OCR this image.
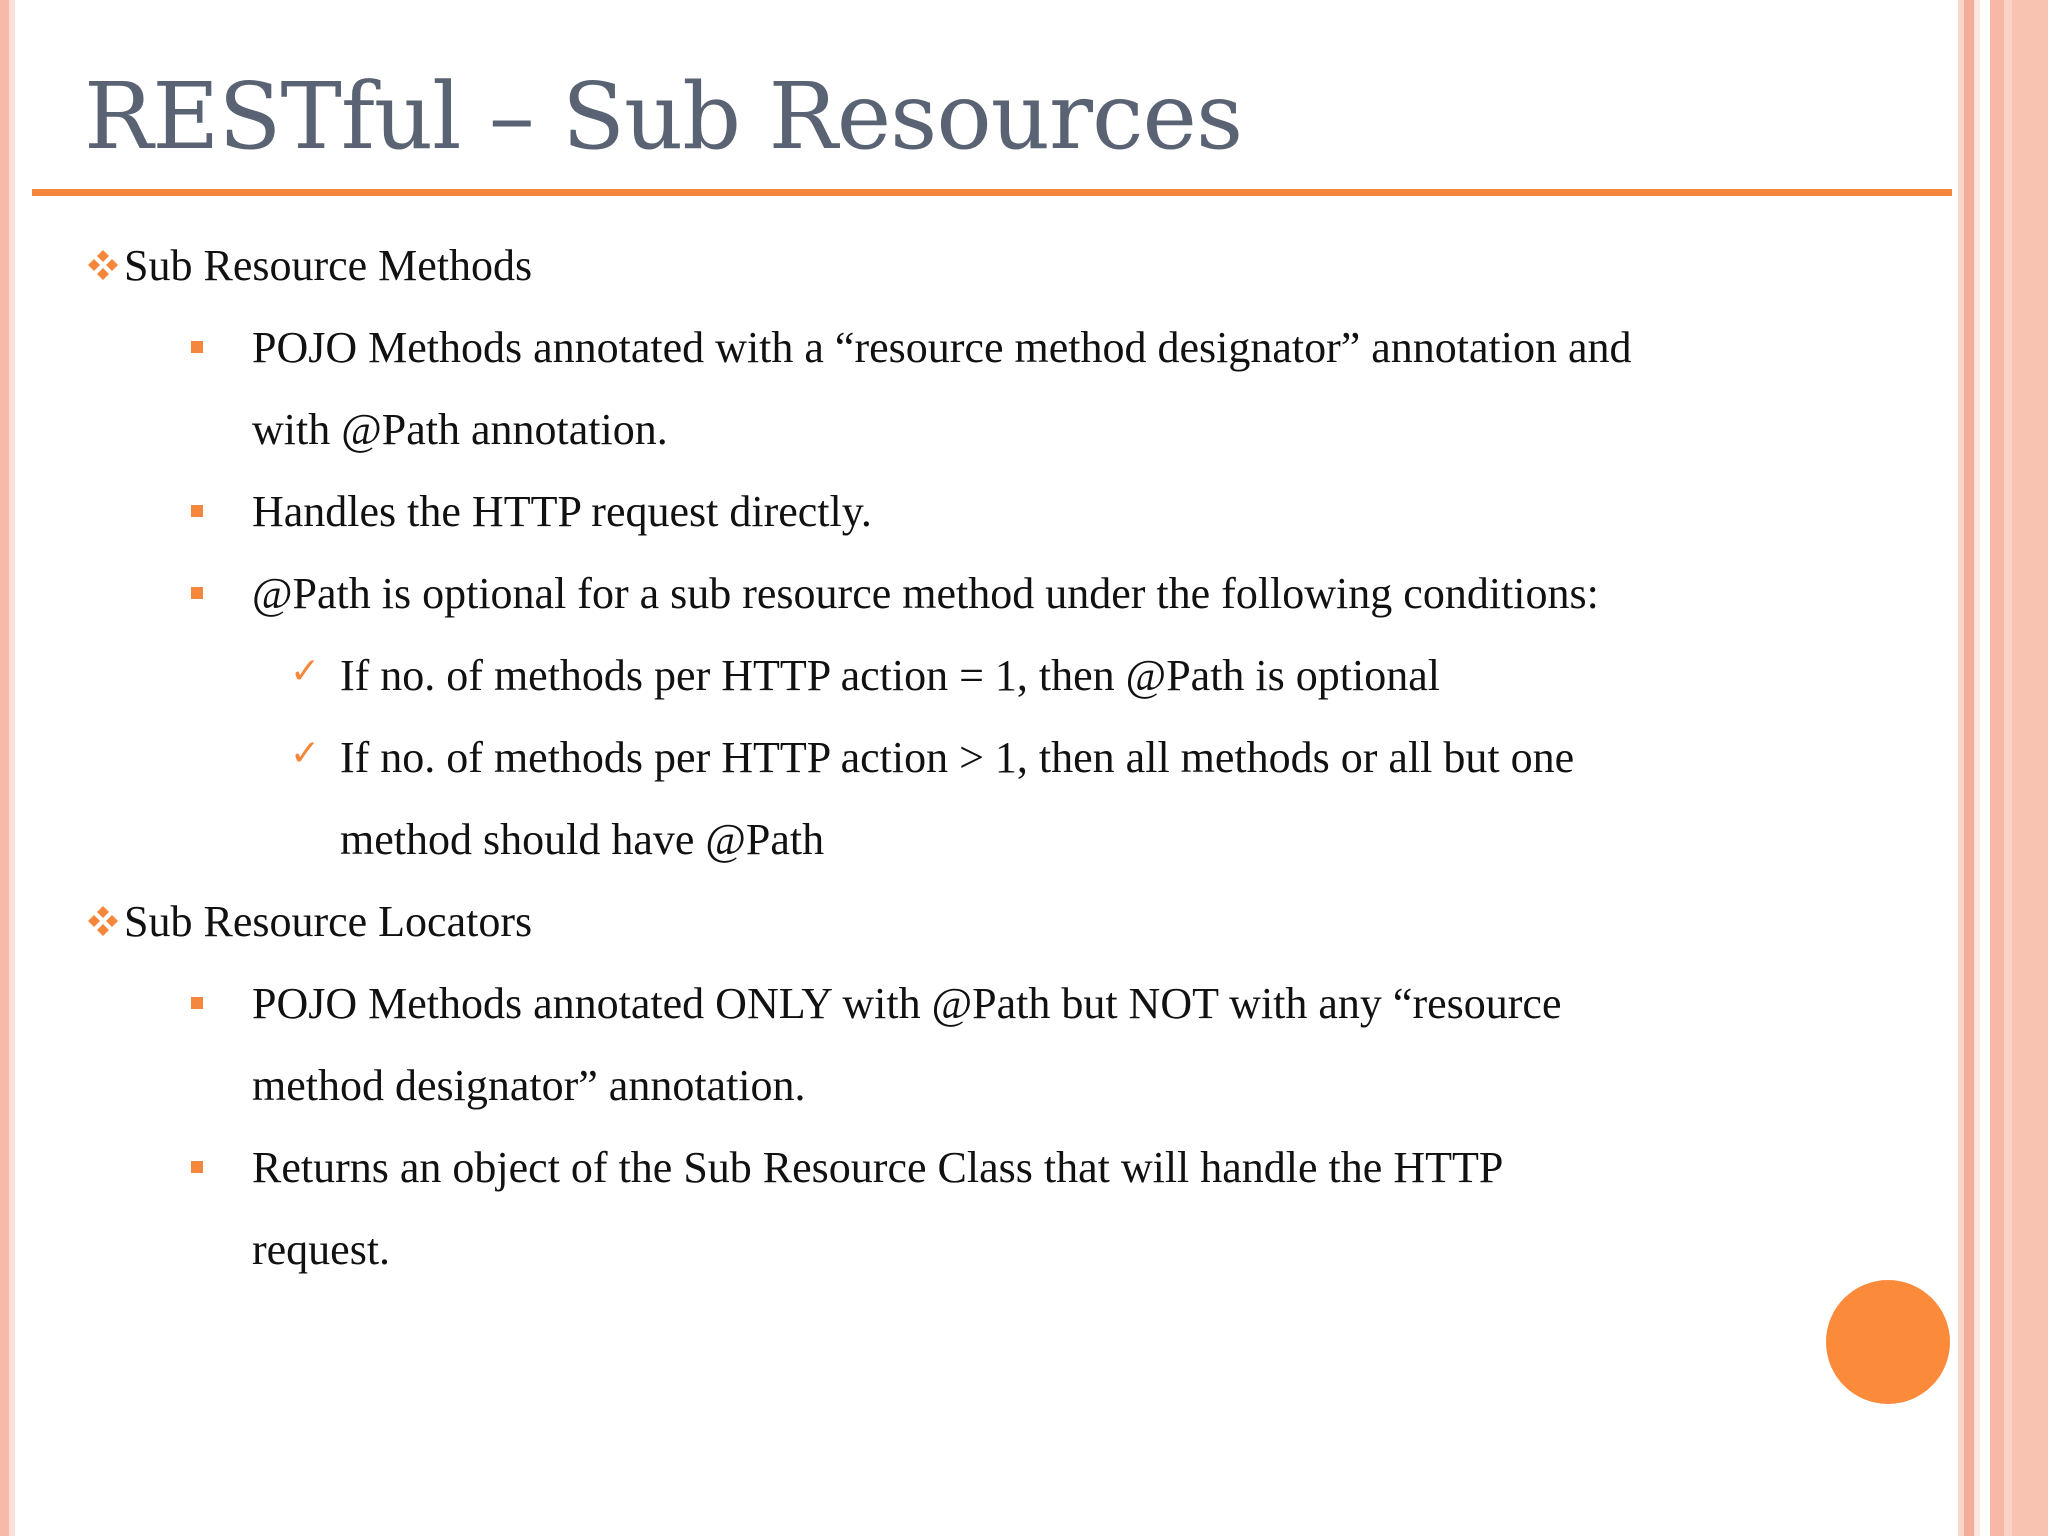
RESTful – Sub Resources
Sub Resource Methods
POJO Methods annotated with a “resource method designator” annotation and
with @Path annotation.
Handles the HTTP request directly.
@Path is optional for a sub resource method under the following conditions:
✓ If no. of methods per HTTP action = 1, then @Path is optional
✓ If no. of methods per HTTP action > 1, then all methods or all but one
method should have @Path
Sub Resource Locators
POJO Methods annotated ONLY with @Path but NOT with any “resource
method designator” annotation.
Returns an object of the Sub Resource Class that will handle the HTTP
request.
